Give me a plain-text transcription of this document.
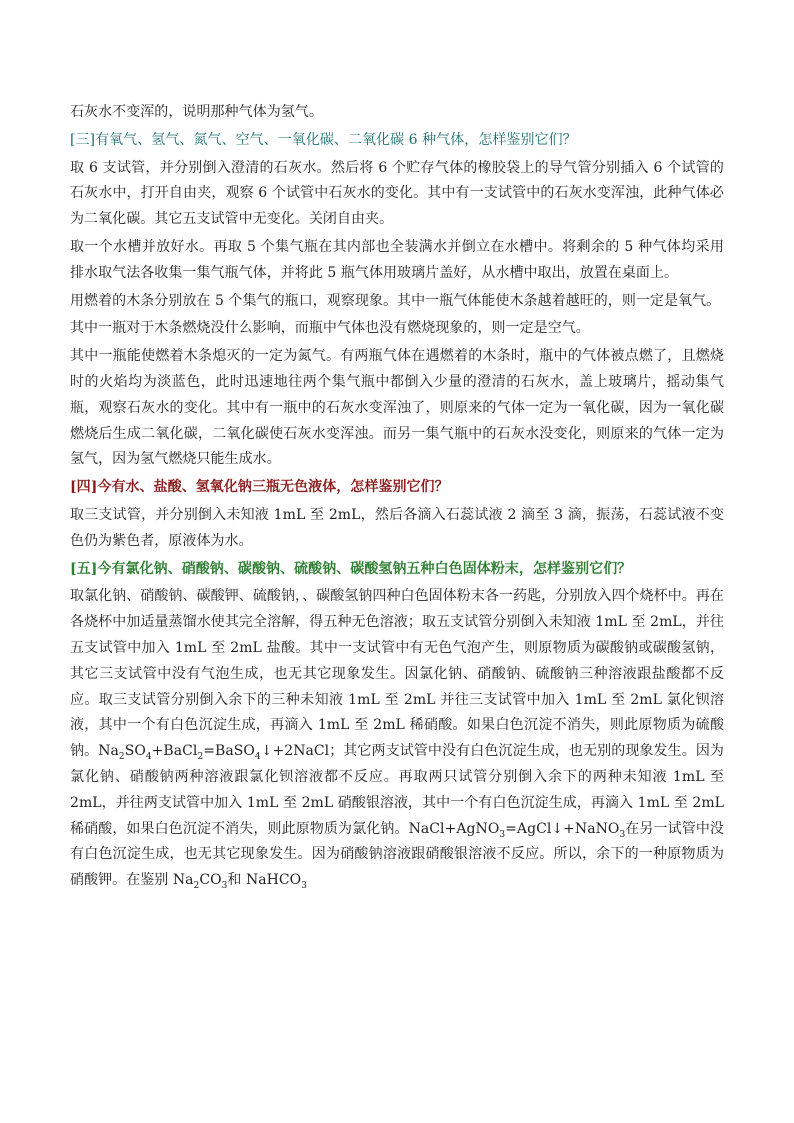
石灰水不变浑的，说明那种气体为氢气。

[三]有氧气、氢气、氮气、空气、一氧化碳、二氧化碳 6 种气体，怎样鉴别它们？

取 6 支试管，并分别倒入澄清的石灰水。然后将 6 个贮存气体的橡胶袋上的导气管分别插入 6 个试管的石灰水中，打开自由夹，观察 6 个试管中石灰水的变化。其中有一支试管中的石灰水变浑浊，此种气体必为二氧化碳。其它五支试管中无变化。关闭自由夹。

取一个水槽并放好水。再取 5 个集气瓶在其内部也全装满水并倒立在水槽中。将剩余的 5 种气体均采用排水取气法各收集一集气瓶气体，并将此 5 瓶气体用玻璃片盖好，从水槽中取出，放置在桌面上。

用燃着的木条分别放在 5 个集气的瓶口，观察现象。其中一瓶气体能使木条越着越旺的，则一定是氧气。

其中一瓶对于木条燃烧没什么影响，而瓶中气体也没有燃烧现象的，则一定是空气。

其中一瓶能使燃着木条熄灭的一定为氮气。有两瓶气体在遇燃着的木条时，瓶中的气体被点燃了，且燃烧时的火焰均为淡蓝色，此时迅速地往两个集气瓶中都倒入少量的澄清的石灰水，盖上玻璃片，摇动集气瓶，观察石灰水的变化。其中有一瓶中的石灰水变浑浊了，则原来的气体一定为一氧化碳，因为一氧化碳燃烧后生成二氧化碳，二氧化碳使石灰水变浑浊。而另一集气瓶中的石灰水没变化，则原来的气体一定为氢气，因为氢气燃烧只能生成水。

[四]今有水、盐酸、氢氧化钠三瓶无色液体，怎样鉴别它们？

取三支试管，并分别倒入未知液 1mL 至 2mL，然后各滴入石蕊试液 2 滴至 3 滴，振荡，石蕊试液不变色仍为紫色者，原液体为水。

[五]今有氯化钠、硝酸钠、碳酸钠、硫酸钠、碳酸氢钠五种白色固体粉末，怎样鉴别它们？

取氯化钠、硝酸钠、碳酸钾、硫酸钠，、碳酸氢钠四种白色固体粉末各一药匙，分别放入四个烧杯中。再在各烧杯中加适量蒸馏水使其完全溶解，得五种无色溶液；取五支试管分别倒入未知液 1mL 至 2mL，并往五支试管中加入 1mL 至 2mL 盐酸。其中一支试管中有无色气泡产生，则原物质为碳酸钠或碳酸氢钠，其它三支试管中没有气泡生成，也无其它现象发生。因氯化钠、硝酸钠、硫酸钠三种溶液跟盐酸都不反应。取三支试管分别倒入余下的三种未知液 1mL 至 2mL 并往三支试管中加入 1mL 至 2mL 氯化钡溶液，其中一个有白色沉淀生成，再滴入 1mL 至 2mL 稀硝酸。如果白色沉淀不消失，则此原物质为硫酸钠。$Na_2SO_4+BaCl_2=BaSO_4↓+2NaCl$；其它两支试管中没有白色沉淀生成，也无别的现象发生。因为氯化钠、硝酸钠两种溶液跟氯化钡溶液都不反应。再取两只试管分别倒入余下的两种未知液 1mL 至 2mL，并往两支试管中加入 1mL 至 2mL 硝酸银溶液，其中一个有白色沉淀生成，再滴入 1mL 至 2mL 稀硝酸，如果白色沉淀不消失，则此原物质为氯化钠。NaCl+AgNO$_3$=AgCl↓+NaNO$_3$在另一试管中没有白色沉淀生成，也无其它现象发生。因为硝酸钠溶液跟硝酸银溶液不反应。所以，余下的一种原物质为硝酸钾。在鉴别 $Na_2CO_3$和 NaHCO$_3$
